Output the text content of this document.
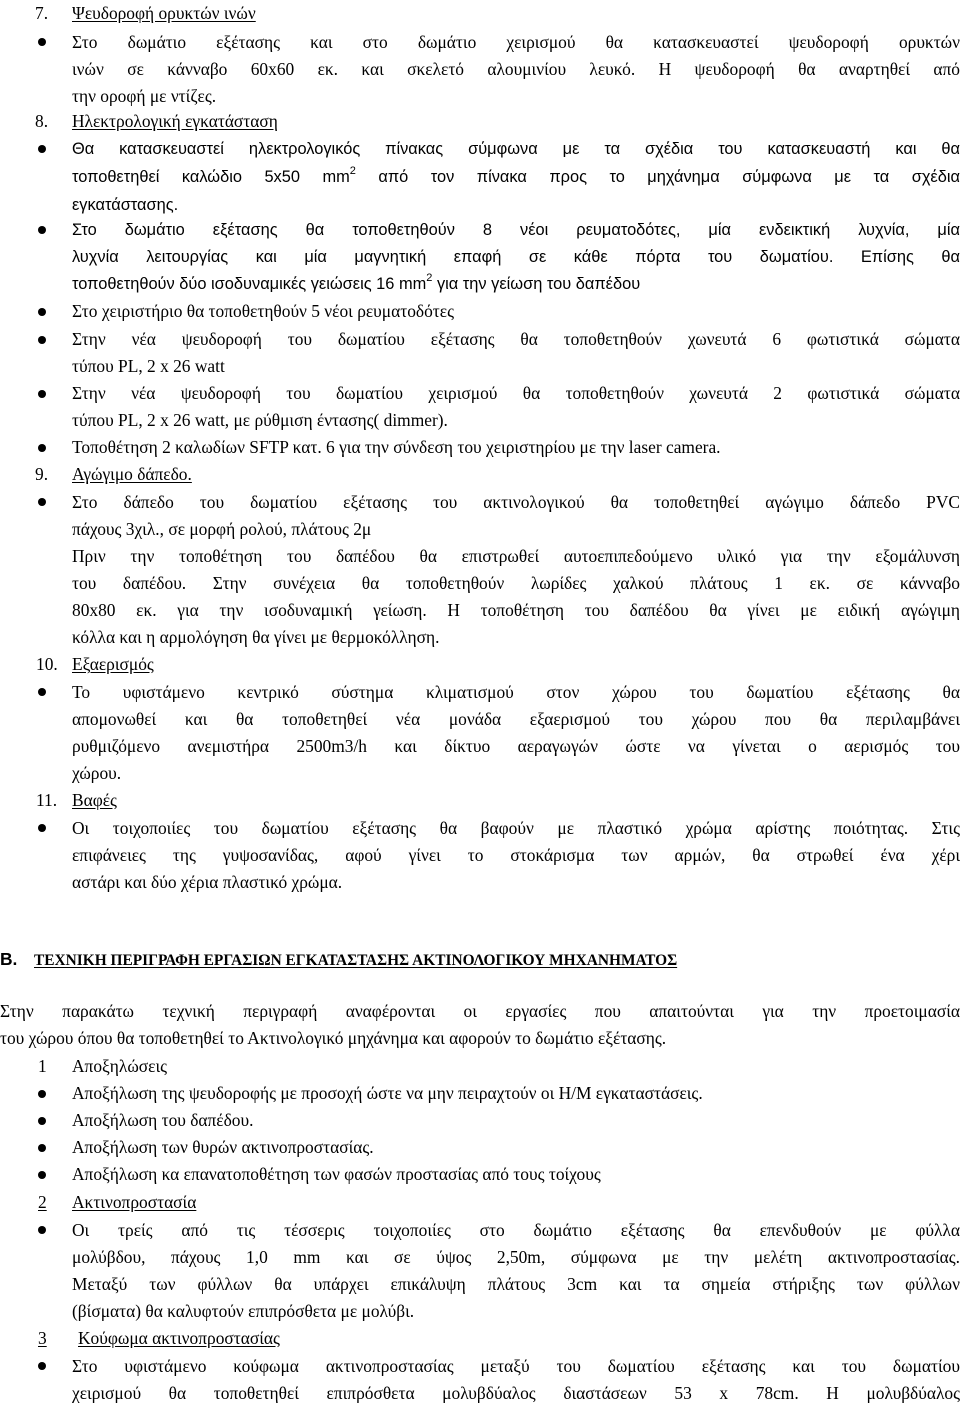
7. Ψευδοροφή ορυκτών ινών
Στο δωμάτιο εξέτασης και στο δωμάτιο χειρισμού θα κατασκευαστεί ψευδοροφή ορυκτών
ινών σε κάνναβο 60x60 εκ. και σκελετό αλουμινίου λευκό. Η ψευδοροφή θα αναρτηθεί από
την οροφή με ντίζες.
8. Ηλεκτρολογική εγκατάσταση
Θα κατασκευαστεί ηλεκτρολογικός πίνακας σύμφωνα με τα σχέδια του κατασκευαστή και θα
τοποθετηθεί καλώδιο 5x50 $mm^2$ από τον πίνακα προς το μηχάνημα σύμφωνα με τα σχέδια
εγκατάστασης.
Στο δωμάτιο εξέτασης θα τοποθετηθούν 8 νέοι ρευματοδότες, μία ενδεικτική λυχνία, μία
λυχνία λειτουργίας και μία μαγνητική επαφή σε κάθε πόρτα του δωματίου. Επίσης θα
τοποθετηθούν δύο ισοδυναμικές γειώσεις 16 $mm^2$ για την γείωση του δαπέδου
Στο χειριστήριο θα τοποθετηθούν 5 νέοι ρευματοδότες
Στην νέα ψευδοροφή του δωματίου εξέτασης θα τοποθετηθούν χωνευτά 6 φωτιστικά σώματα
τύπου PL, 2 x 26 watt
Στην νέα ψευδοροφή του δωματίου χειρισμού θα τοποθετηθούν χωνευτά 2 φωτιστικά σώματα
τύπου PL, 2 x 26 watt, με ρύθμιση έντασης( dimmer).
Τοποθέτηση 2 καλωδίων SFTP κατ. 6 για την σύνδεση του χειριστηρίου με την laser camera.
9. Αγώγιμο δάπεδο.
Στο δάπεδο του δωματίου εξέτασης του ακτινολογικού θα τοποθετηθεί αγώγιμο δάπεδο PVC
πάχους 3χιλ., σε μορφή ρολού, πλάτους 2μ
Πριν την τοποθέτηση του δαπέδου θα επιστρωθεί αυτοεπιπεδούμενο υλικό για την εξομάλυνση
του δαπέδου. Στην συνέχεια θα τοποθετηθούν λωρίδες χαλκού πλάτους 1 εκ. σε κάνναβο
80x80 εκ. για την ισοδυναμική γείωση. Η τοποθέτηση του δαπέδου θα γίνει με ειδική αγώγιμη
κόλλα και η αρμολόγηση θα γίνει με θερμοκόλληση.
10. Εξαερισμός
Το υφιστάμενο κεντρικό σύστημα κλιματισμού στον χώρου του δωματίου εξέτασης θα
απομονωθεί και θα τοποθετηθεί νέα μονάδα εξαερισμού του χώρου που θα περιλαμβάνει
ρυθμιζόμενο ανεμιστήρα 2500m3/h και δίκτυο αεραγωγών ώστε να γίνεται ο αερισμός του
χώρου.
11. Βαφές
Οι τοιχοποιίες του δωματίου εξέτασης θα βαφούν με πλαστικό χρώμα αρίστης ποιότητας. Στις
επιφάνειες της γυψοσανίδας, αφού γίνει το στοκάρισμα των αρμών, θα στρωθεί ένα χέρι
αστάρι και δύο χέρια πλαστικό χρώμα.
B. ΤΕΧΝΙΚΗ ΠΕΡΙΓΡΑΦΗ ΕΡΓΑΣΙΩΝ ΕΓΚΑΤΑΣΤΑΣΗΣ ΑΚΤΙΝΟΛΟΓΙΚΟΥ ΜΗΧΑΝΗΜΑΤΟΣ
Στην παρακάτω τεχνική περιγραφή αναφέρονται οι εργασίες που απαιτούνται για την προετοιμασία
του χώρου όπου θα τοποθετηθεί το Ακτινολογικό μηχάνημα και αφορούν το δωμάτιο εξέτασης.
1 Αποξηλώσεις
Αποξήλωση της ψευδοροφής με προσοχή ώστε να μην πειραχτούν οι Η/Μ εγκαταστάσεις.
Αποξήλωση του δαπέδου.
Αποξήλωση των θυρών ακτινοπροστασίας.
Αποξήλωση κα επανατοποθέτηση των φασών προστασίας από τους τοίχους
2	Ακτινοπροστασία
Οι τρείς από τις τέσσερις τοιχοποιίες στο δωμάτιο εξέτασης θα επενδυθούν με φύλλα
μολύβδου, πάχους 1,0 mm και σε ύψος 2,50m, σύμφωνα με την μελέτη ακτινοπροστασίας.
Μεταξύ των φύλλων θα υπάρχει επικάλυψη πλάτους 3cm και τα σημεία στήριξης των φύλλων
(βίσματα) θα καλυφτούν επιπρόσθετα με μολύβι.
3	Κούφωμα ακτινοπροστασίας
Στο υφιστάμενο κούφωμα ακτινοπροστασίας μεταξύ του δωματίου εξέτασης και του δωματίου
χειρισμού θα τοποθετηθεί επιπρόσθετα μολυβδύαλος διαστάσεων 53 x 78cm. Η μολυβδύαλος
